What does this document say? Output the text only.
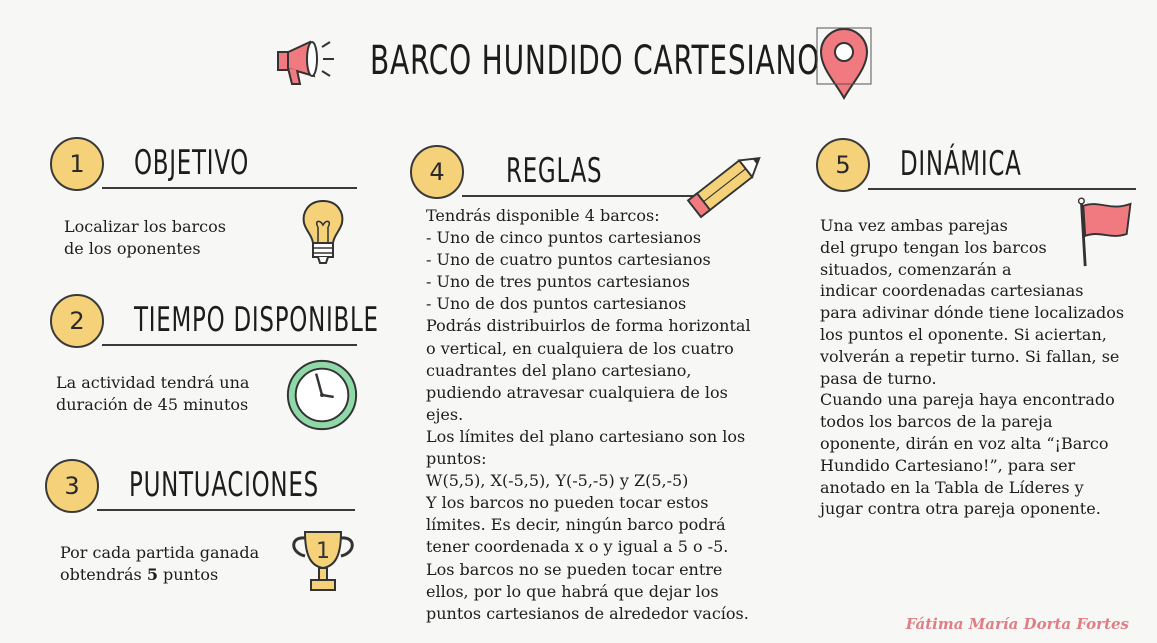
BARCO HUNDIDO CARTESIANO
1	OBJETIVO
Localizar los barcos
de los oponentes
2	TIEMPO DISPONIBLE
La actividad tendrá una
duración de 45 minutos
3	PUNTUACIONES
Por cada partida ganada
obtendrás 5 puntos
1
4	REGLAS
Tendrás disponible 4 barcos:
- Uno de cinco puntos cartesianos
- Uno de cuatro puntos cartesianos
- Uno de tres puntos cartesianos
- Uno de dos puntos cartesianos
Podrás distribuirlos de forma horizontal
o vertical, en cualquiera de los cuatro
cuadrantes del plano cartesiano,
pudiendo atravesar cualquiera de los
ejes.
Los límites del plano cartesiano son los
puntos:
W(5,5), X(-5,5), Y(-5,-5) y Z(5,-5)
Y los barcos no pueden tocar estos
límites. Es decir, ningún barco podrá
tener coordenada x o y igual a 5 o -5.
Los barcos no se pueden tocar entre
ellos, por lo que habrá que dejar los
puntos cartesianos de alrededor vacíos.
5	DINÁMICA
Una vez ambas parejas
del grupo tengan los barcos
situados, comenzarán a
indicar coordenadas cartesianas
para adivinar dónde tiene localizados
los puntos el oponente. Si aciertan,
volverán a repetir turno. Si fallan, se
pasa de turno.
Cuando una pareja haya encontrado
todos los barcos de la pareja
oponente, dirán en voz alta “¡Barco
Hundido Cartesiano!”, para ser
anotado en la Tabla de Líderes y
jugar contra otra pareja oponente.
Fátima María Dorta Fortes
